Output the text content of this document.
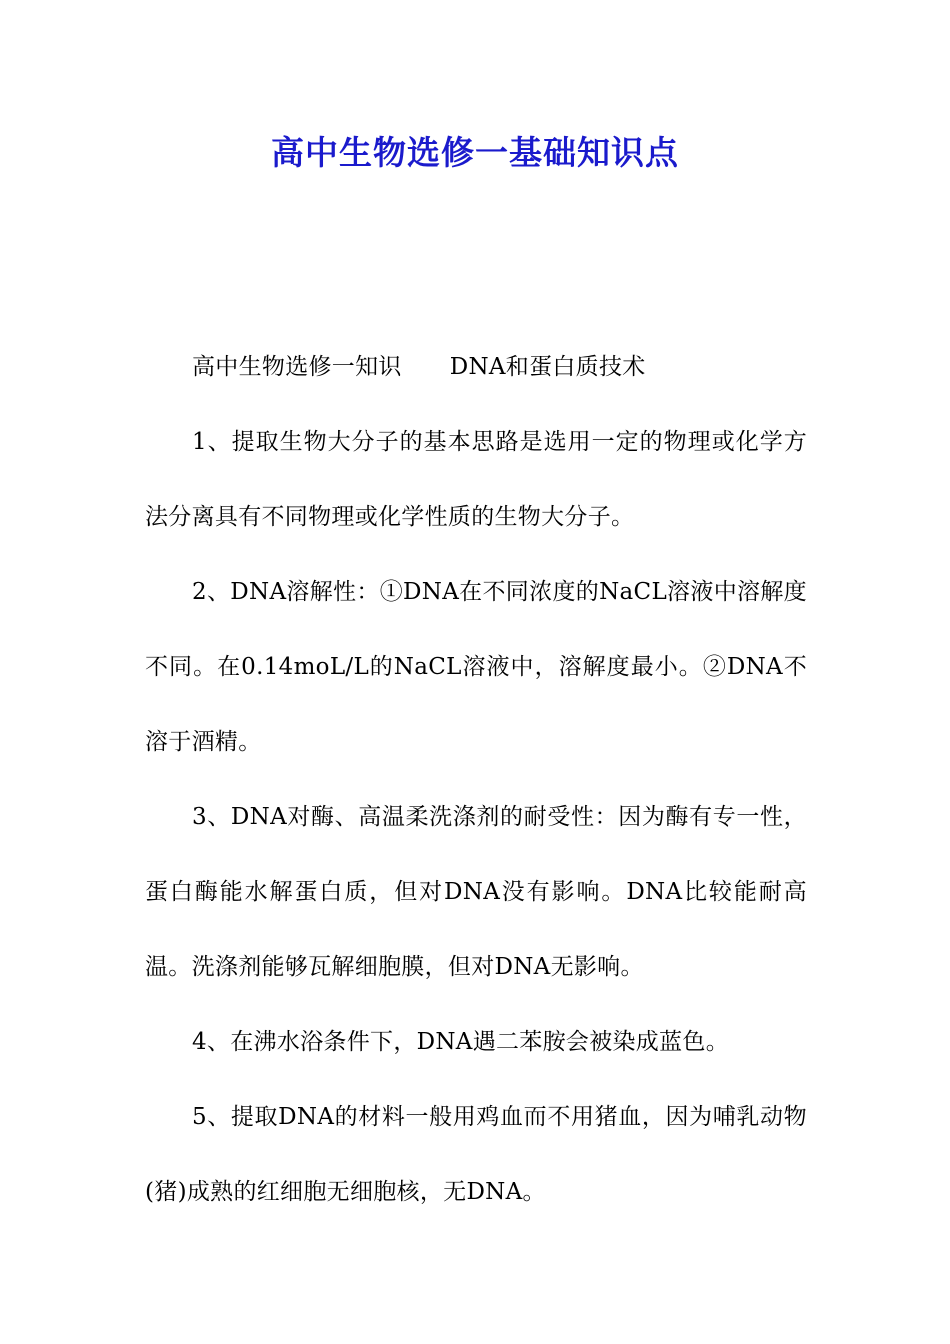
高中生物选修一基础知识点

高中生物选修一知识 DNA和蛋白质技术

1、提取生物大分子的基本思路是选用一定的物理或化学方法分离具有不同物理或化学性质的生物大分子。

2、DNA溶解性：①DNA在不同浓度的NaCL溶液中溶解度不同。在0.14moL/L的NaCL溶液中，溶解度最小。②DNA不溶于酒精。

3、DNA对酶、高温柔洗涤剂的耐受性：因为酶有专一性，蛋白酶能水解蛋白质，但对DNA没有影响。DNA比较能耐高温。洗涤剂能够瓦解细胞膜，但对DNA无影响。

4、在沸水浴条件下，DNA遇二苯胺会被染成蓝色。

5、提取DNA的材料一般用鸡血而不用猪血，因为哺乳动物(猪)成熟的红细胞无细胞核，无DNA。
